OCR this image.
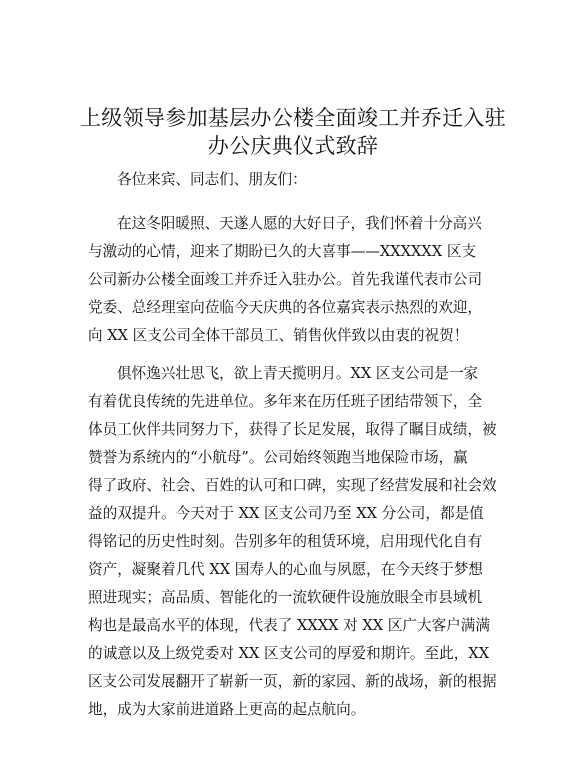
上级领导参加基层办公楼全面竣工并乔迁入驻
办公庆典仪式致辞
各位来宾、同志们、朋友们：
在这冬阳暖照、天遂人愿的大好日子，我们怀着十分高兴
与激动的心情，迎来了期盼已久的大喜事——XXXXXX 区支
公司新办公楼全面竣工并乔迁入驻办公。首先我谨代表市公司
党委、总经理室向莅临今天庆典的各位嘉宾表示热烈的欢迎，
向 XX 区支公司全体干部员工、销售伙伴致以由衷的祝贺！
俱怀逸兴壮思飞，欲上青天揽明月。XX 区支公司是一家
有着优良传统的先进单位。多年来在历任班子团结带领下，全
体员工伙伴共同努力下，获得了长足发展，取得了瞩目成绩，被
赞誉为系统内的“小航母”。公司始终领跑当地保险市场，赢
得了政府、社会、百姓的认可和口碑，实现了经营发展和社会效
益的双提升。今天对于 XX 区支公司乃至 XX 分公司，都是值
得铭记的历史性时刻。告别多年的租赁环境，启用现代化自有
资产，凝聚着几代 XX 国寿人的心血与夙愿，在今天终于梦想
照进现实；高品质、智能化的一流软硬件设施放眼全市县域机
构也是最高水平的体现，代表了 XXXX 对 XX 区广大客户满满
的诚意以及上级党委对 XX 区支公司的厚爱和期许。至此，XX
区支公司发展翻开了崭新一页，新的家园、新的战场，新的根据
地，成为大家前进道路上更高的起点航向。
